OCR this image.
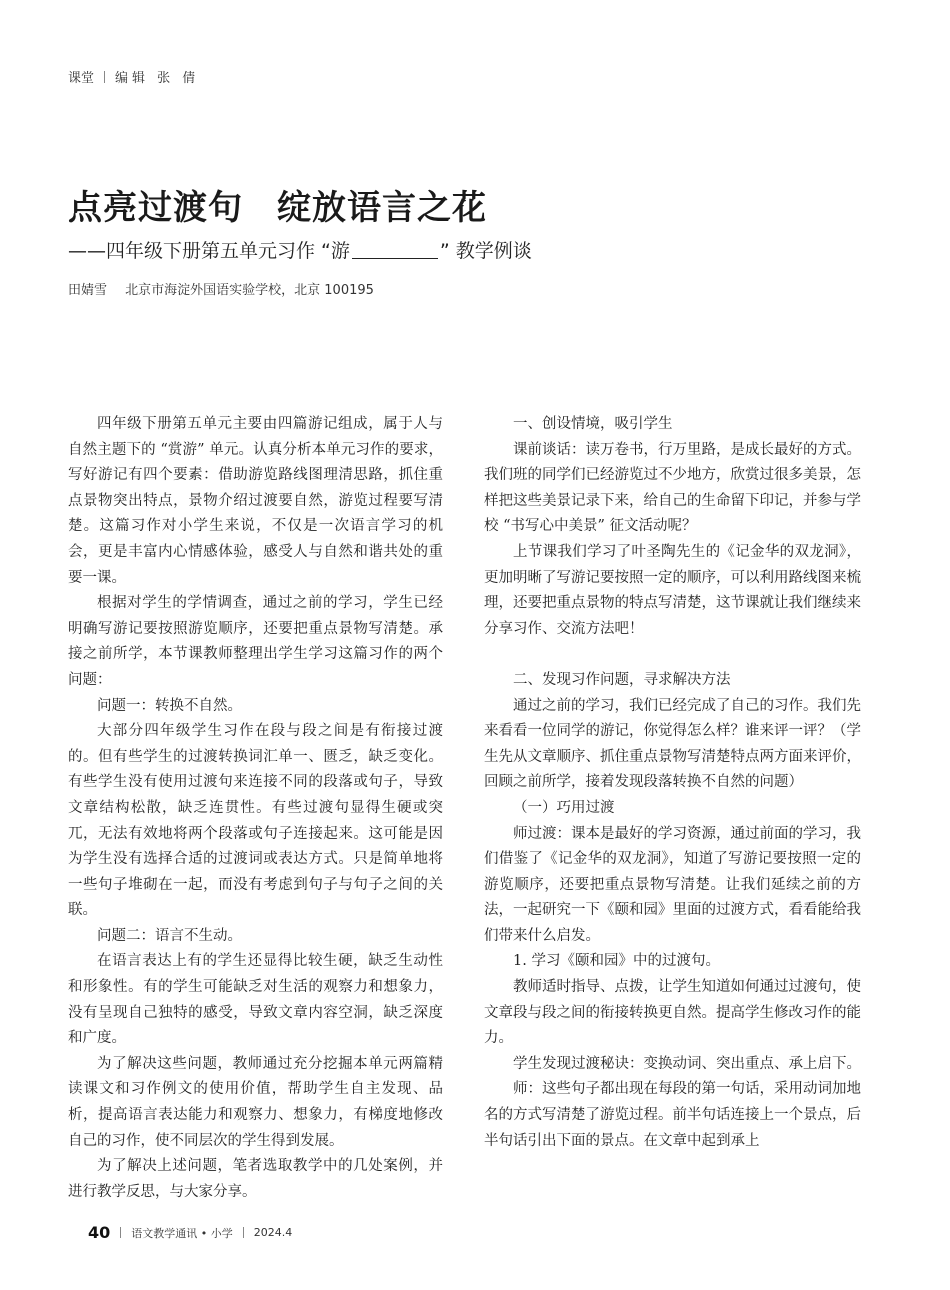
课堂 编辑 张 倩
点亮过渡句 绽放语言之花
——四年级下册第五单元习作 “游	” 教学例谈
田婧雪 北京市海淀外国语实验学校，北京 100195

四年级下册第五单元主要由四篇游记组成，属于人与自然主题下的 “赏游” 单元。认真分析本单元习作的要求，写好游记有四个要素：借助游览路线图理清思路，抓住重点景物突出特点，景物介绍过渡要自然，游览过程要写清楚。这篇习作对小学生来说，不仅是一次语言学习的机会，更是丰富内心情感体验，感受人与自然和谐共处的重要一课。

根据对学生的学情调查，通过之前的学习，学生已经明确写游记要按照游览顺序，还要把重点景物写清楚。承接之前所学，本节课教师整理出学生学习这篇习作的两个问题：

问题一：转换不自然。

大部分四年级学生习作在段与段之间是有衔接过渡的。但有些学生的过渡转换词汇单一、匮乏，缺乏变化。有些学生没有使用过渡句来连接不同的段落或句子，导致文章结构松散，缺乏连贯性。有些过渡句显得生硬或突兀，无法有效地将两个段落或句子连接起来。这可能是因为学生没有选择合适的过渡词或表达方式。只是简单地将一些句子堆砌在一起，而没有考虑到句子与句子之间的关联。

问题二：语言不生动。

在语言表达上有的学生还显得比较生硬，缺乏生动性和形象性。有的学生可能缺乏对生活的观察力和想象力，没有呈现自己独特的感受，导致文章内容空洞，缺乏深度和广度。

为了解决这些问题，教师通过充分挖掘本单元两篇精读课文和习作例文的使用价值，帮助学生自主发现、品析，提高语言表达能力和观察力、想象力，有梯度地修改自己的习作，使不同层次的学生得到发展。

为了解决上述问题，笔者选取教学中的几处案例，并进行教学反思，与大家分享。

一、创设情境，吸引学生

课前谈话：读万卷书，行万里路，是成长最好的方式。我们班的同学们已经游览过不少地方，欣赏过很多美景，怎样把这些美景记录下来，给自己的生命留下印记，并参与学校 “书写心中美景” 征文活动呢？

上节课我们学习了叶圣陶先生的《记金华的双龙洞》，更加明晰了写游记要按照一定的顺序，可以利用路线图来梳理，还要把重点景物的特点写清楚，这节课就让我们继续来分享习作、交流方法吧！

二、发现习作问题，寻求解决方法

通过之前的学习，我们已经完成了自己的习作。我们先来看看一位同学的游记，你觉得怎么样？谁来评一评？（学生先从文章顺序、抓住重点景物写清楚特点两方面来评价，回顾之前所学，接着发现段落转换不自然的问题）

（一）巧用过渡

师过渡：课本是最好的学习资源，通过前面的学习，我们借鉴了《记金华的双龙洞》，知道了写游记要按照一定的游览顺序，还要把重点景物写清楚。让我们延续之前的方法，一起研究一下《颐和园》里面的过渡方式，看看能给我们带来什么启发。

1. 学习《颐和园》中的过渡句。

教师适时指导、点拨，让学生知道如何通过过渡句，使文章段与段之间的衔接转换更自然。提高学生修改习作的能力。

学生发现过渡秘诀：变换动词、突出重点、承上启下。

师：这些句子都出现在每段的第一句话，采用动词加地名的方式写清楚了游览过程。前半句话连接上一个景点，后半句话引出下面的景点。在文章中起到承上

40 语文教学通讯 • 小学 2024.4
